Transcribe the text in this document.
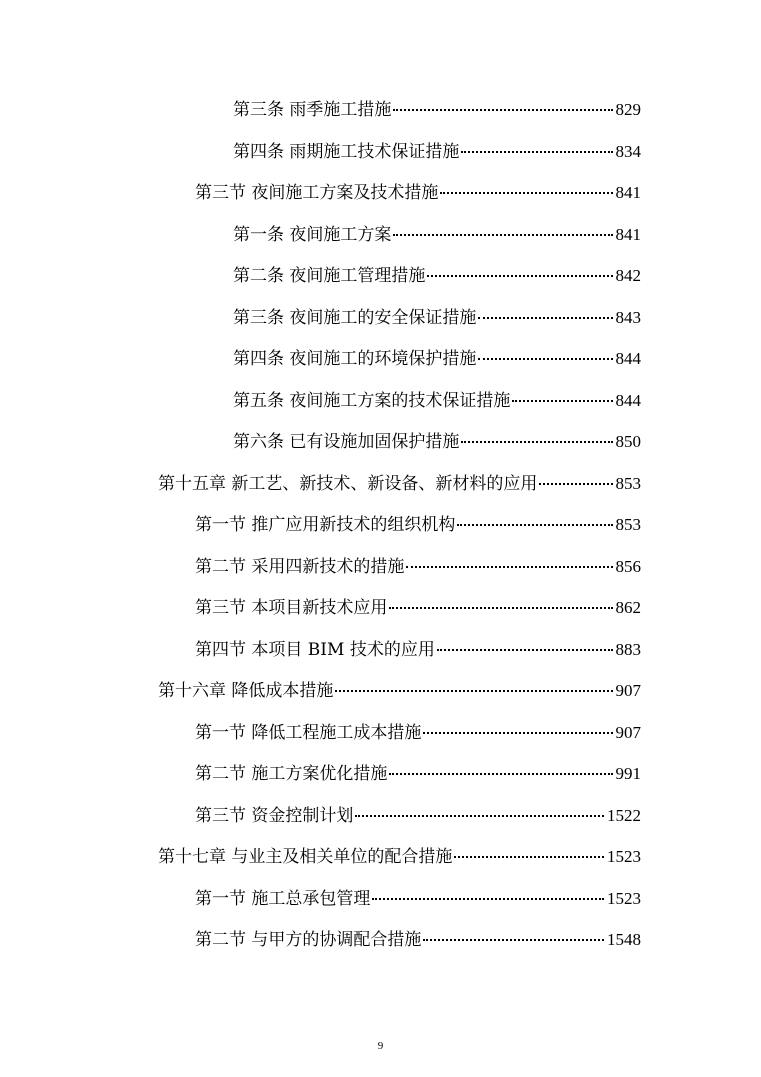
第三条 雨季施工措施	829
第四条 雨期施工技术保证措施	834
第三节 夜间施工方案及技术措施	841
第一条 夜间施工方案	841
第二条 夜间施工管理措施	842
第三条 夜间施工的安全保证措施	843
第四条 夜间施工的环境保护措施	844
第五条 夜间施工方案的技术保证措施	844
第六条 已有设施加固保护措施	850
第十五章 新工艺、新技术、新设备、新材料的应用	853
第一节 推广应用新技术的组织机构	853
第二节 采用四新技术的措施	856
第三节 本项目新技术应用	862
第四节 本项目 BIM 技术的应用	883
第十六章 降低成本措施	907
第一节 降低工程施工成本措施	907
第二节 施工方案优化措施	991
第三节 资金控制计划	1522
第十七章 与业主及相关单位的配合措施	1523
第一节 施工总承包管理	1523
第二节 与甲方的协调配合措施	1548
9
